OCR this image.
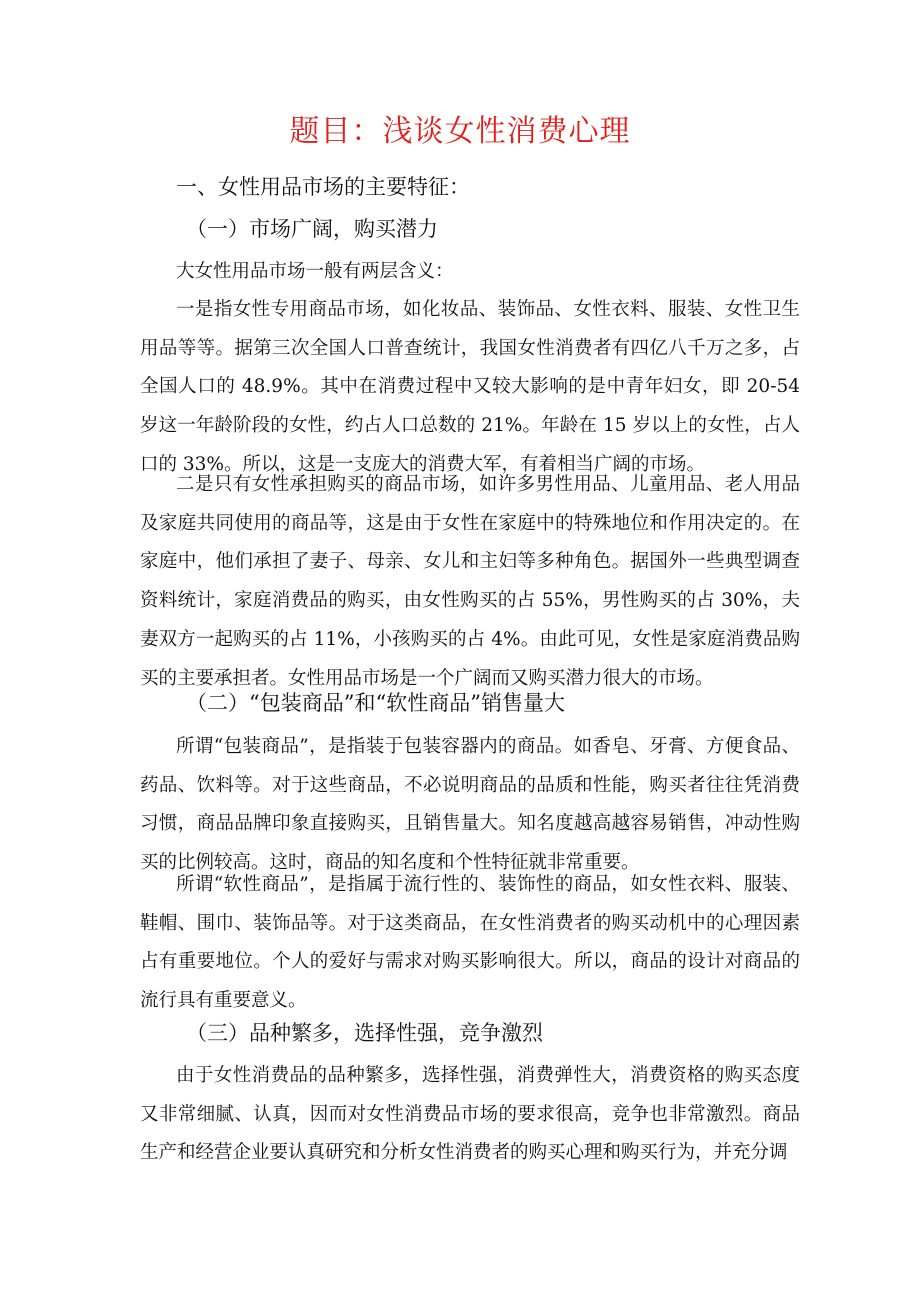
题目：浅谈女性消费心理
一、女性用品市场的主要特征：
（一）市场广阔，购买潜力

大女性用品市场一般有两层含义：

一是指女性专用商品市场，如化妆品、装饰品、女性衣料、服装、女性卫生用品等等。据第三次全国人口普查统计，我国女性消费者有四亿八千万之多，占全国人口的 48.9%。其中在消费过程中又较大影响的是中青年妇女，即 20-54 岁这一年龄阶段的女性，约占人口总数的 21%。年龄在 15 岁以上的女性，占人口的 33%。所以，这是一支庞大的消费大军，有着相当广阔的市场。

二是只有女性承担购买的商品市场，如许多男性用品、儿童用品、老人用品及家庭共同使用的商品等，这是由于女性在家庭中的特殊地位和作用决定的。在家庭中，他们承担了妻子、母亲、女儿和主妇等多种角色。据国外一些典型调查资料统计，家庭消费品的购买，由女性购买的占 55%，男性购买的占 30%，夫妻双方一起购买的占 11%，小孩购买的占 4%。由此可见，女性是家庭消费品购买的主要承担者。女性用品市场是一个广阔而又购买潜力很大的市场。

（二）“包装商品”和“软性商品”销售量大

所谓“包装商品”，是指装于包装容器内的商品。如香皂、牙膏、方便食品、药品、饮料等。对于这些商品，不必说明商品的品质和性能，购买者往往凭消费习惯，商品品牌印象直接购买，且销售量大。知名度越高越容易销售，冲动性购买的比例较高。这时，商品的知名度和个性特征就非常重要。

所谓“软性商品”，是指属于流行性的、装饰性的商品，如女性衣料、服装、鞋帽、围巾、装饰品等。对于这类商品，在女性消费者的购买动机中的心理因素占有重要地位。个人的爱好与需求对购买影响很大。所以，商品的设计对商品的流行具有重要意义。

（三）品种繁多，选择性强，竞争激烈

由于女性消费品的品种繁多，选择性强，消费弹性大，消费资格的购买态度又非常细腻、认真，因而对女性消费品市场的要求很高，竞争也非常激烈。商品生产和经营企业要认真研究和分析女性消费者的购买心理和购买行为，并充分调
